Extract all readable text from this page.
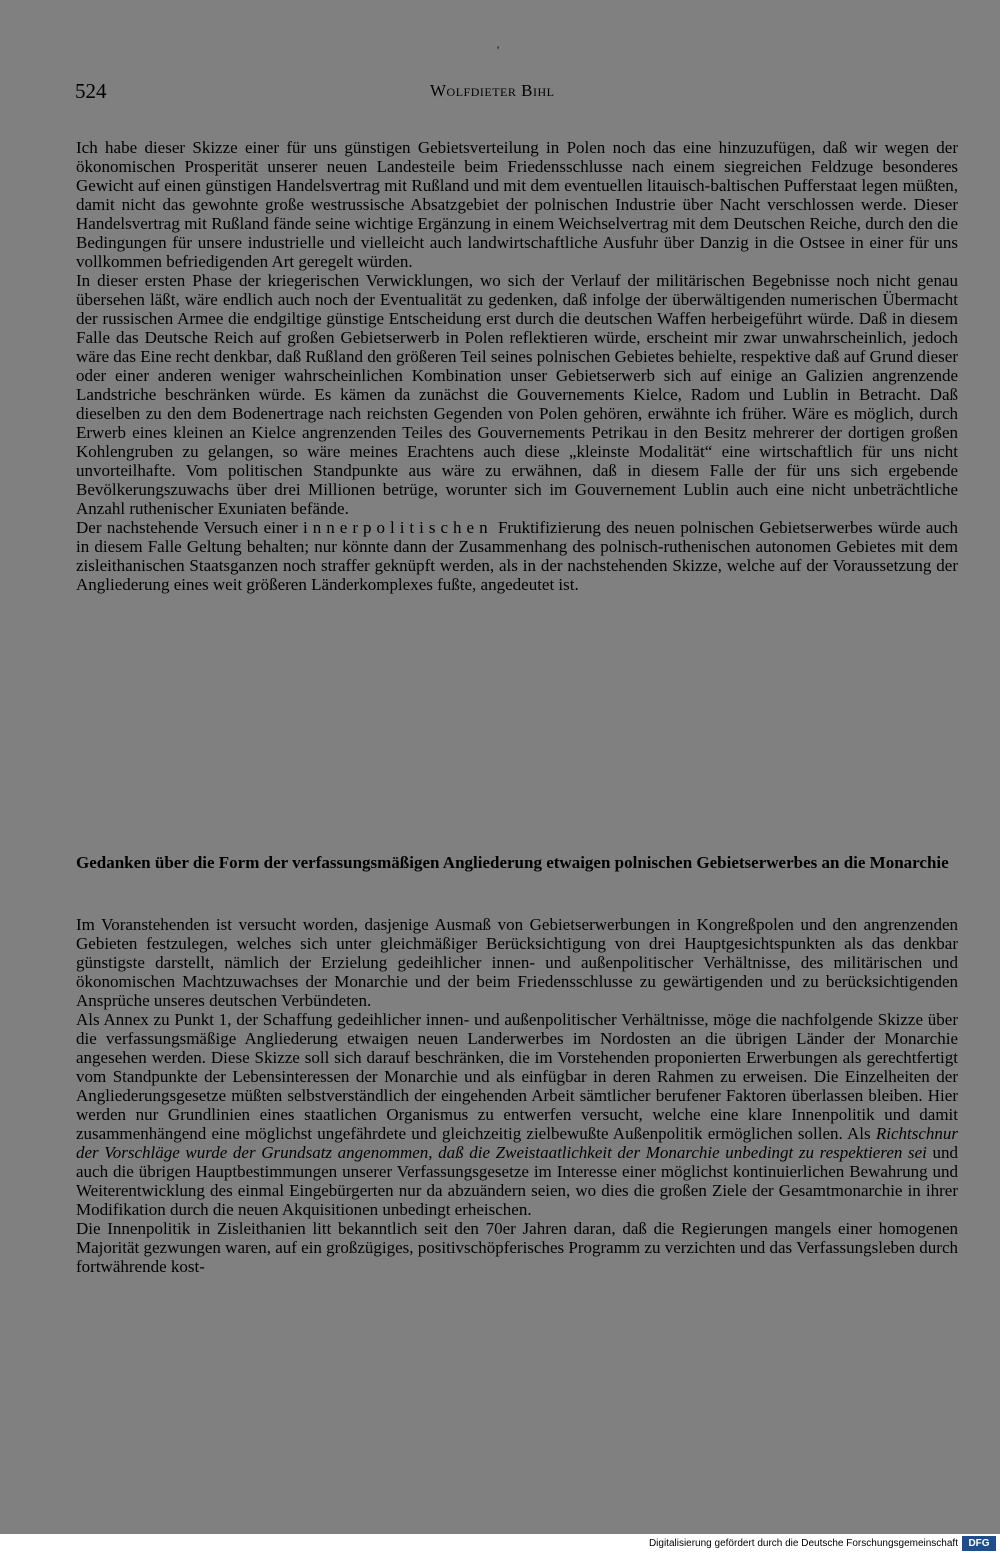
'
524	Wolfdieter Bihl

Ich habe dieser Skizze einer für uns günstigen Gebietsverteilung in Polen noch das eine hinzuzufügen, daß wir wegen der ökonomischen Prosperität unserer neuen Landesteile beim Friedensschlusse nach einem siegreichen Feldzuge besonderes Gewicht auf einen günstigen Handelsvertrag mit Rußland und mit dem eventuellen litauisch-baltischen Pufferstaat legen müßten, damit nicht das gewohnte große westrussische Absatzgebiet der polnischen Industrie über Nacht verschlossen werde. Dieser Handelsvertrag mit Rußland fände seine wichtige Ergänzung in einem Weichselvertrag mit dem Deutschen Reiche, durch den die Bedingungen für unsere industrielle und vielleicht auch landwirtschaftliche Ausfuhr über Danzig in die Ostsee in einer für uns vollkommen befriedigenden Art geregelt würden.

In dieser ersten Phase der kriegerischen Verwicklungen, wo sich der Verlauf der militärischen Begebnisse noch nicht genau übersehen läßt, wäre endlich auch noch der Eventualität zu gedenken, daß infolge der überwältigenden numerischen Übermacht der russischen Armee die endgiltige günstige Entscheidung erst durch die deutschen Waffen herbeigeführt würde. Daß in diesem Falle das Deutsche Reich auf großen Gebietserwerb in Polen reflektieren würde, erscheint mir zwar unwahrscheinlich, jedoch wäre das Eine recht denkbar, daß Rußland den größeren Teil seines polnischen Gebietes behielte, respektive daß auf Grund dieser oder einer anderen weniger wahrscheinlichen Kombination unser Gebietserwerb sich auf einige an Galizien angrenzende Landstriche beschränken würde. Es kämen da zunächst die Gouvernements Kielce, Radom und Lublin in Betracht. Daß dieselben zu den dem Bodenertrage nach reichsten Gegenden von Polen gehören, erwähnte ich früher. Wäre es möglich, durch Erwerb eines kleinen an Kielce angrenzenden Teiles des Gouvernements Petrikau in den Besitz mehrerer der dortigen großen Kohlengruben zu gelangen, so wäre meines Erachtens auch diese „kleinste Modalität“ eine wirtschaftlich für uns nicht unvorteilhafte. Vom politischen Standpunkte aus wäre zu erwähnen, daß in diesem Falle der für uns sich ergebende Bevölkerungszuwachs über drei Millionen betrüge, worunter sich im Gouvernement Lublin auch eine nicht unbeträchtliche Anzahl ruthenischer Exuniaten befände.

Der nachstehende Versuch einer innerpolitischen Fruktifizierung des neuen polnischen Gebietserwerbes würde auch in diesem Falle Geltung behalten; nur könnte dann der Zusammenhang des polnisch-ruthenischen autonomen Gebietes mit dem zisleithanischen Staatsganzen noch straffer geknüpft werden, als in der nachstehenden Skizze, welche auf der Voraussetzung der Angliederung eines weit größeren Länderkomplexes fußte, angedeutet ist.

Gedanken über die Form der verfassungsmäßigen Angliederung etwaigen polnischen Gebietserwerbes an die Monarchie

Im Voranstehenden ist versucht worden, dasjenige Ausmaß von Gebietserwerbungen in Kongreßpolen und den angrenzenden Gebieten festzulegen, welches sich unter gleichmäßiger Berücksichtigung von drei Hauptgesichtspunkten als das denkbar günstigste darstellt, nämlich der Erzielung gedeihlicher innen- und außenpolitischer Verhältnisse, des militärischen und ökonomischen Machtzuwachses der Monarchie und der beim Friedensschlusse zu gewärtigenden und zu berücksichtigenden Ansprüche unseres deutschen Verbündeten.

Als Annex zu Punkt 1, der Schaffung gedeihlicher innen- und außenpolitischer Verhältnisse, möge die nachfolgende Skizze über die verfassungsmäßige Angliederung etwaigen neuen Landerwerbes im Nordosten an die übrigen Länder der Monarchie angesehen werden. Diese Skizze soll sich darauf beschränken, die im Vorstehenden proponierten Erwerbungen als gerechtfertigt vom Standpunkte der Lebensinteressen der Monarchie und als einfügbar in deren Rahmen zu erweisen. Die Einzelheiten der Angliederungsgesetze müßten selbstverständlich der eingehenden Arbeit sämtlicher berufener Faktoren überlassen bleiben. Hier werden nur Grundlinien eines staatlichen Organismus zu entwerfen versucht, welche eine klare Innenpolitik und damit zusammenhängend eine möglichst ungefährdete und gleichzeitig zielbewußte Außenpolitik ermöglichen sollen. Als Richtschnur der Vorschläge wurde der Grundsatz angenommen, daß die Zweistaatlichkeit der Monarchie unbedingt zu respektieren sei und auch die übrigen Hauptbestimmungen unserer Verfassungsgesetze im Interesse einer möglichst kontinuierlichen Bewahrung und Weiterentwicklung des einmal Eingebürgerten nur da abzuändern seien, wo dies die großen Ziele der Gesamtmonarchie in ihrer Modifikation durch die neuen Akquisitionen unbedingt erheischen.

Die Innenpolitik in Zisleithanien litt bekanntlich seit den 70er Jahren daran, daß die Regierungen mangels einer homogenen Majorität gezwungen waren, auf ein großzügiges, positivschöpferisches Programm zu verzichten und das Verfassungsleben durch fortwährende kost-

Digitalisierung gefördert durch die Deutsche Forschungsgemeinschaft	DFG
